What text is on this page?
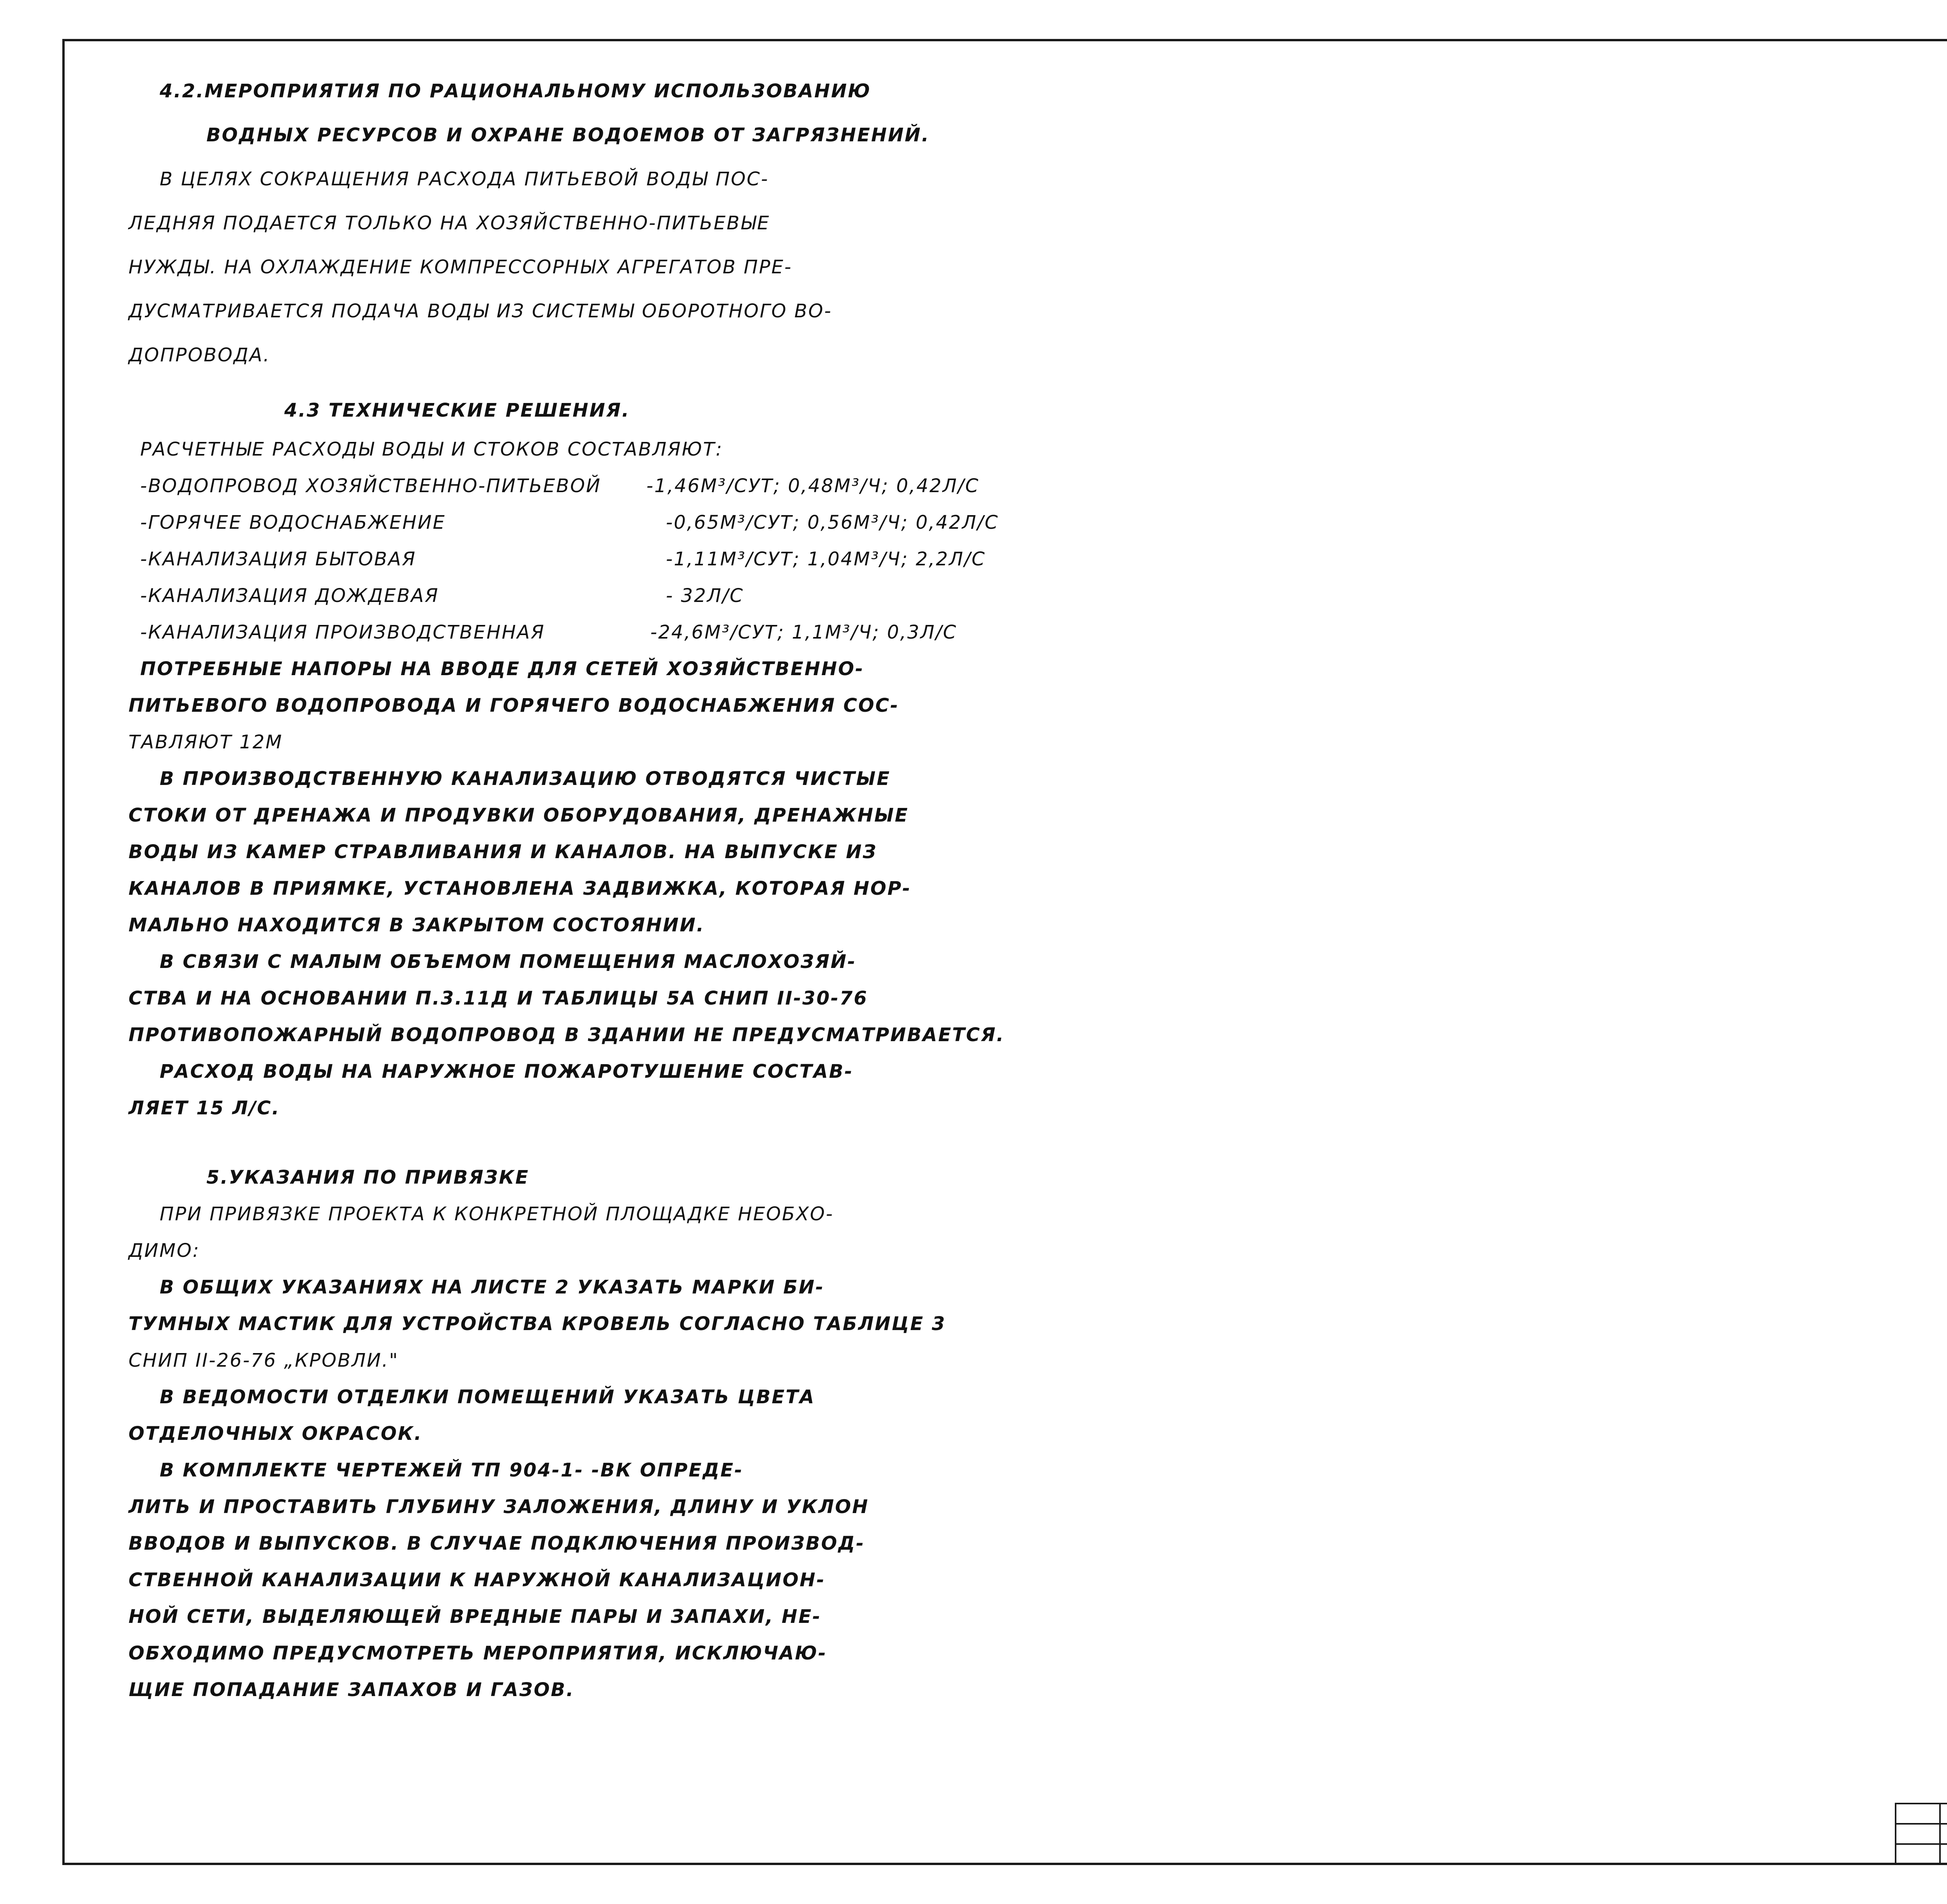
4.2.МЕРОПРИЯТИЯ ПО РАЦИОНАЛЬНОМУ ИСПОЛЬЗОВАНИЮ
ВОДНЫХ РЕСУРСОВ И ОХРАНЕ ВОДОЕМОВ ОТ ЗАГРЯЗНЕНИЙ.
В ЦЕЛЯХ СОКРАЩЕНИЯ РАСХОДА ПИТЬЕВОЙ ВОДЫ ПОС-
ЛЕДНЯЯ ПОДАЕТСЯ ТОЛЬКО НА ХОЗЯЙСТВЕННО-ПИТЬЕВЫЕ
НУЖДЫ. НА ОХЛАЖДЕНИЕ КОМПРЕССОРНЫХ АГРЕГАТОВ ПРЕ-
ДУСМАТРИВАЕТСЯ ПОДАЧА ВОДЫ ИЗ СИСТЕМЫ ОБОРОТНОГО ВО-
ДОПРОВОДА.
4.3 ТЕХНИЧЕСКИЕ РЕШЕНИЯ.
РАСЧЕТНЫЕ РАСХОДЫ ВОДЫ И СТОКОВ СОСТАВЛЯЮТ:
-ВОДОПРОВОД ХОЗЯЙСТВЕННО-ПИТЬЕВОЙ -1,46М³/СУТ; 0,48М³/Ч; 0,42Л/С
-ГОРЯЧЕЕ ВОДОСНАБЖЕНИЕ	-0,65М³/СУТ; 0,56М³/Ч; 0,42Л/С
-КАНАЛИЗАЦИЯ БЫТОВАЯ	-1,11М³/СУТ; 1,04М³/Ч; 2,2Л/С
-КАНАЛИЗАЦИЯ ДОЖДЕВАЯ	- 32Л/С
-КАНАЛИЗАЦИЯ ПРОИЗВОДСТВЕННАЯ	-24,6М³/СУТ; 1,1М³/Ч; 0,3Л/С
ПОТРЕБНЫЕ НАПОРЫ НА ВВОДЕ ДЛЯ СЕТЕЙ ХОЗЯЙСТВЕННО-
ПИТЬЕВОГО ВОДОПРОВОДА И ГОРЯЧЕГО ВОДОСНАБЖЕНИЯ СОС-
ТАВЛЯЮТ 12М
В ПРОИЗВОДСТВЕННУЮ КАНАЛИЗАЦИЮ ОТВОДЯТСЯ ЧИСТЫЕ
СТОКИ ОТ ДРЕНАЖА И ПРОДУВКИ ОБОРУДОВАНИЯ, ДРЕНАЖНЫЕ
ВОДЫ ИЗ КАМЕР СТРАВЛИВАНИЯ И КАНАЛОВ. НА ВЫПУСКЕ ИЗ
КАНАЛОВ В ПРИЯМКЕ, УСТАНОВЛЕНА ЗАДВИЖКА, КОТОРАЯ НОР-
МАЛЬНО НАХОДИТСЯ В ЗАКРЫТОМ СОСТОЯНИИ.
В СВЯЗИ С МАЛЫМ ОБЪЕМОМ ПОМЕЩЕНИЯ МАСЛОХОЗЯЙ-
СТВА И НА ОСНОВАНИИ П.3.11Д И ТАБЛИЦЫ 5А СНИП II-30-76
ПРОТИВОПОЖАРНЫЙ ВОДОПРОВОД В ЗДАНИИ НЕ ПРЕДУСМАТРИВАЕТСЯ.
РАСХОД ВОДЫ НА НАРУЖНОЕ ПОЖАРОТУШЕНИЕ СОСТАВ-
ЛЯЕТ 15 Л/С.
5.УКАЗАНИЯ ПО ПРИВЯЗКЕ
ПРИ ПРИВЯЗКЕ ПРОЕКТА К КОНКРЕТНОЙ ПЛОЩАДКЕ НЕОБХО-
ДИМО:
В ОБЩИХ УКАЗАНИЯХ НА ЛИСТЕ 2 УКАЗАТЬ МАРКИ БИ-
ТУМНЫХ МАСТИК ДЛЯ УСТРОЙСТВА КРОВЕЛЬ СОГЛАСНО ТАБЛИЦЕ 3
СНИП II-26-76 „КРОВЛИ."
В ВЕДОМОСТИ ОТДЕЛКИ ПОМЕЩЕНИЙ УКАЗАТЬ ЦВЕТА
ОТДЕЛОЧНЫХ ОКРАСОК.
В КОМПЛЕКТЕ ЧЕРТЕЖЕЙ ТП 904-1- -ВК ОПРЕДЕ-
ЛИТЬ И ПРОСТАВИТЬ ГЛУБИНУ ЗАЛОЖЕНИЯ, ДЛИНУ И УКЛОН
ВВОДОВ И ВЫПУСКОВ. В СЛУЧАЕ ПОДКЛЮЧЕНИЯ ПРОИЗВОД-
СТВЕННОЙ КАНАЛИЗАЦИИ К НАРУЖНОЙ КАНАЛИЗАЦИОН-
НОЙ СЕТИ, ВЫДЕЛЯЮЩЕЙ ВРЕДНЫЕ ПАРЫ И ЗАПАХИ, НЕ-
ОБХОДИМО ПРЕДУСМОТРЕТЬ МЕРОПРИЯТИЯ, ИСКЛЮЧАЮ-
ЩИЕ ПОПАДАНИЕ ЗАПАХОВ И ГАЗОВ.
